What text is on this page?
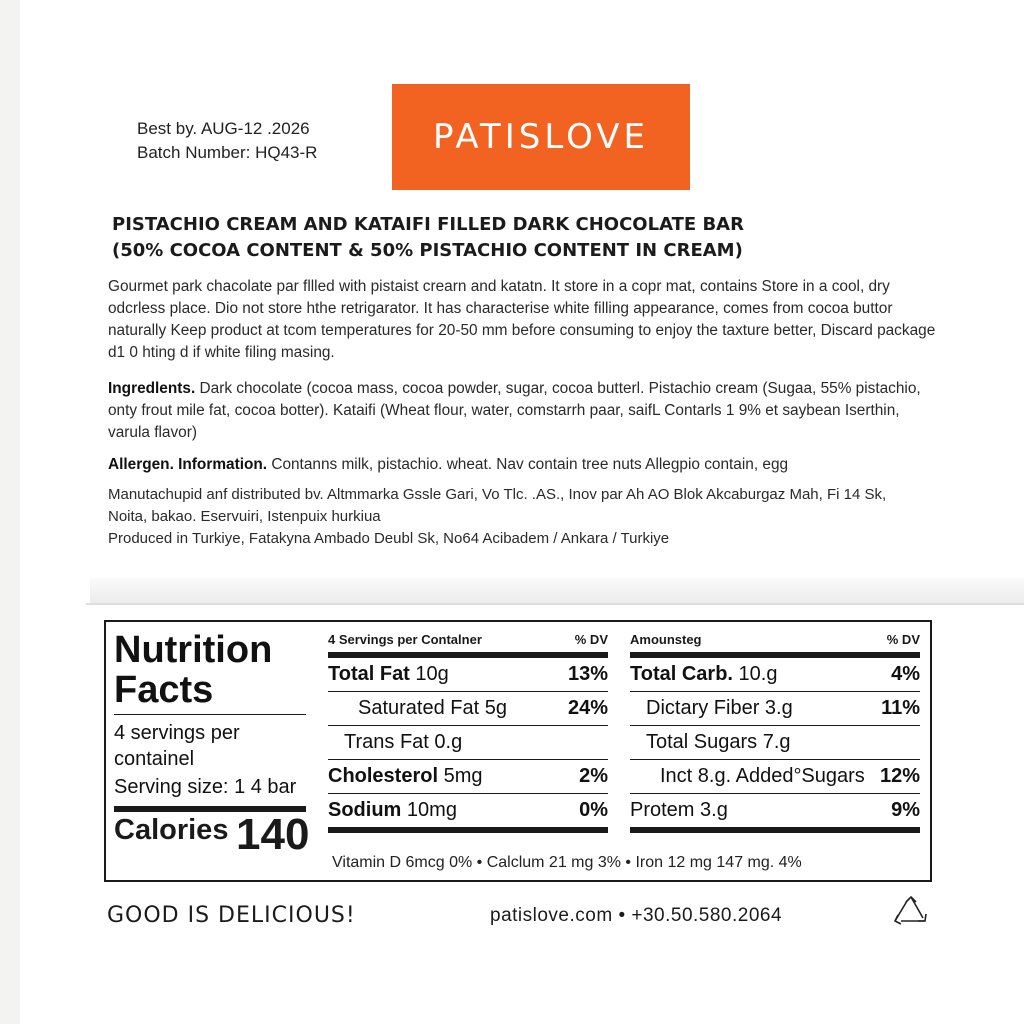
Best by. AUG-12 .2026
Batch Number: HQ43-R	PATISLOVE
PISTACHIO CREAM AND KATAIFI FILLED DARK CHOCOLATE BAR
(50% COCOA CONTENT & 50% PISTACHIO CONTENT IN CREAM)
Gourmet park chacolate par fllled with pistaist crearn and katatn. It store in a copr mat, contains Store in a cool, dry odcrless place. Dio not store hthe retrigarator. It has characterise white filling appearance, comes from cocoa buttor naturally Keep product at tcom temperatures for 20-50 mm before consuming to enjoy the taxture better, Discard package d1 0 hting d if white filing masing.
Ingredlents. Dark chocolate (cocoa mass, cocoa powder, sugar, cocoa butterl. Pistachio cream (Sugaa, 55% pistachio, onty frout mile fat, cocoa botter). Kataifi (Wheat flour, water, comstarrh paar, saifL Contarls 1 9% et saybean Iserthin, varula flavor)
Allergen. Information. Contanns milk, pistachio. wheat. Nav contain tree nuts Allegpio contain, egg
Manutachupid anf distributed bv. Altmmarka Gssle Gari, Vo Tlc. .AS., Inov par Ah AO Blok Akcaburgaz Mah, Fi 14 Sk, Noita, bakao. Eservuiri, Istenpuix hurkiua
Produced in Turkiye, Fatakyna Ambado Deubl Sk, No64 Acibadem / Ankara / Turkiye
Nutrition Facts
4 servings per containel
Serving size: 1 4 bar
Calories 140
4 Servings per Contalner	% DV
Total Fat 10g	13%
Saturated Fat 5g	24%
Trans Fat 0.g
Cholesterol 5mg	2%
Sodium 10mg	0%
Amounsteg	% DV
Total Carb. 10.g	4%
Dictary Fiber 3.g	11%
Total Sugars 7.g
Inct 8.g. Added°Sugars 12%
Protem 3.g	9%
Vitamin D 6mcg 0% • Calclum 21 mg 3% • Iron 12 mg 147 mg. 4%
GOOD IS DELICIOUS!	patislove.com • +30.50.580.2064
